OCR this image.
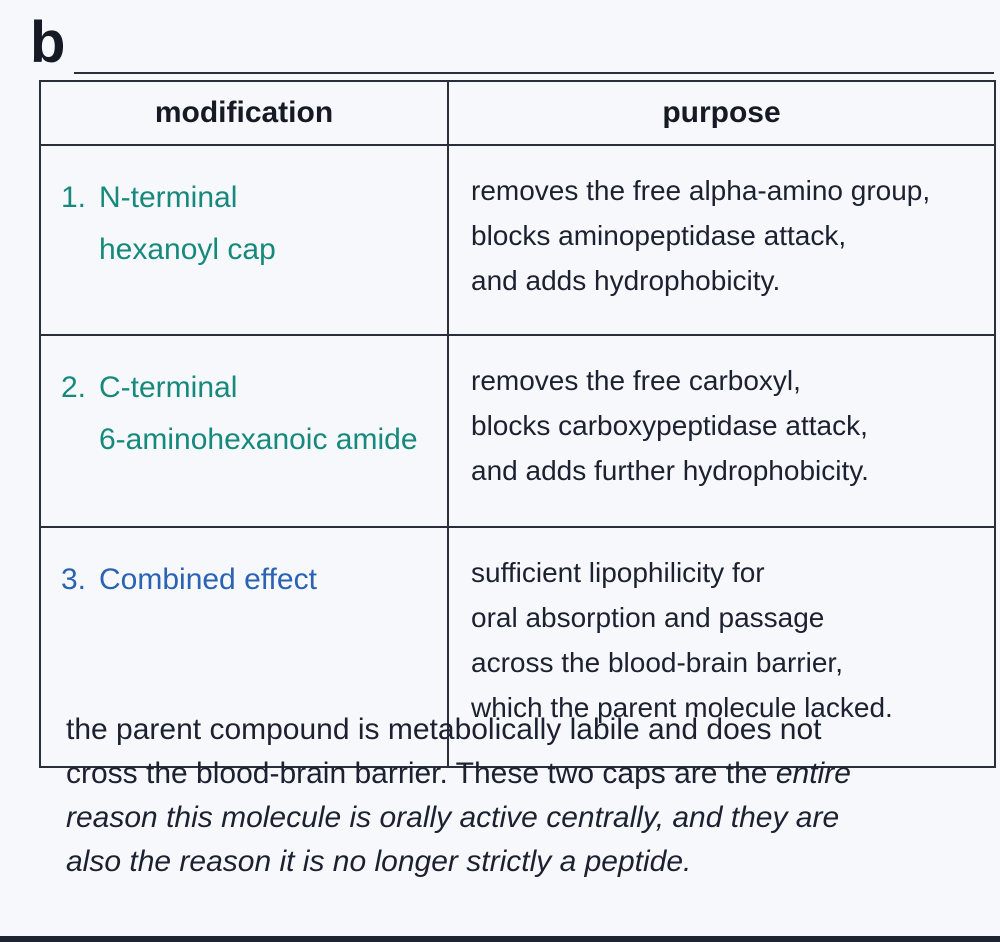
b
modification	purpose

1. N-terminal
hexanoyl cap	removes the free alpha-amino group,
blocks aminopeptidase attack,
and adds hydrophobicity.

2. C-terminal
6-aminohexanoic amide	removes the free carboxyl,
blocks carboxypeptidase attack,
and adds further hydrophobicity.

3. Combined effect	sufficient lipophilicity for
oral absorption and passage
across the blood-brain barrier,
which the parent molecule lacked.
the parent compound is metabolically labile and does not
cross the blood-brain barrier. These two caps are the entire
reason this molecule is orally active centrally, and they are
also the reason it is no longer strictly a peptide.
